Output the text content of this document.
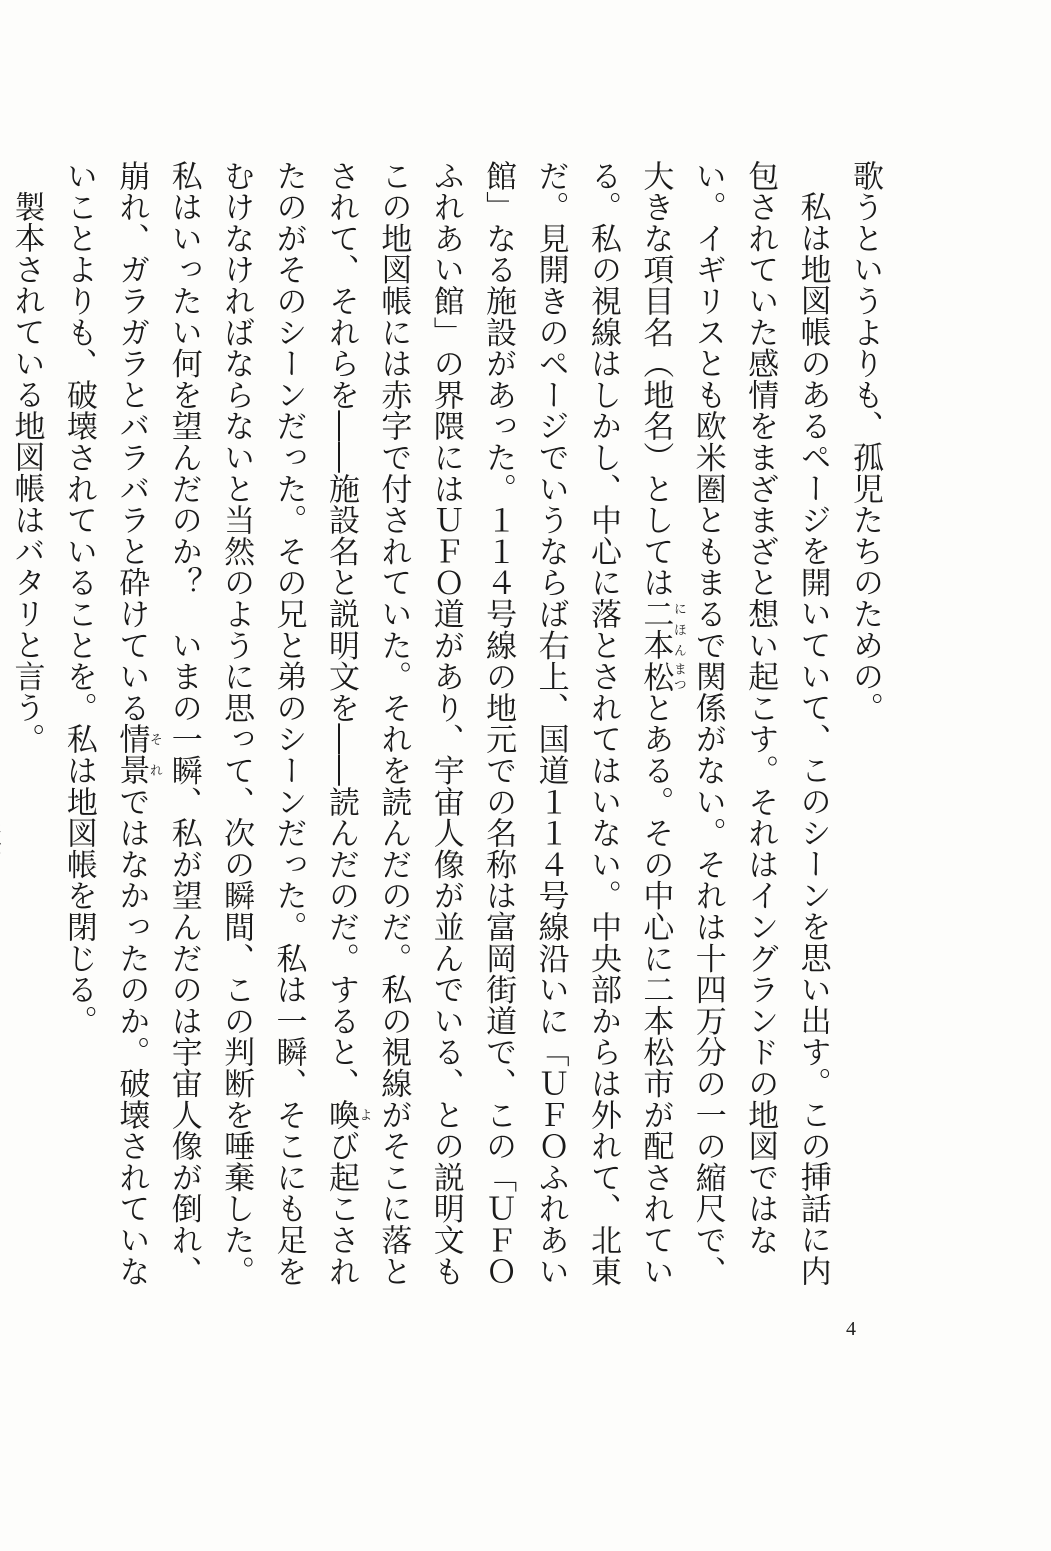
歌うというよりも、孤児たちのための。

私は地図帳のあるページを開いていて、このシーンを思い出す。この挿話に内包されていた感情をまざまざと想い起こす。それはイングランドの地図ではない。イギリスとも欧米圏ともまるで関係がない。それは十四万分の一の縮尺で、大きな項目名（地名）としては二本にほん松まつとある。その中心に二本松市が配されている。私の視線はしかし、中心に落とされてはいない。中央部からは外れて、北東だ。見開きのページでいうならば右上、国道１１４号線沿いに「ＵＦＯふれあい館」なる施設があった。１１４号線の地元での名称は富岡街道で、この「ＵＦＯふれあい館」の界隈にはＵＦＯ道があり、宇宙人像が並んでいる、との説明文もこの地図帳には赤字で付されていた。それを読んだのだ。私の視線がそこに落とされて、それらを――施設名と説明文を――読んだのだ。すると、喚よび起こされたのがそのシーンだった。その兄と弟のシーンだった。私は一瞬、そこにも足をむけなければならないと当然のように思って、次の瞬間、この判断を唾棄した。私はいったい何を望んだのか？　いまの一瞬、私が望んだのは宇宙人像が倒れ、崩れ、ガラガラとバラバラと砕けている情景それではなかったのか。破壊されていないことよりも、破壊されていることを。私は地図帳を閉じる。

製本されている地図帳はバタリと言う。

4
